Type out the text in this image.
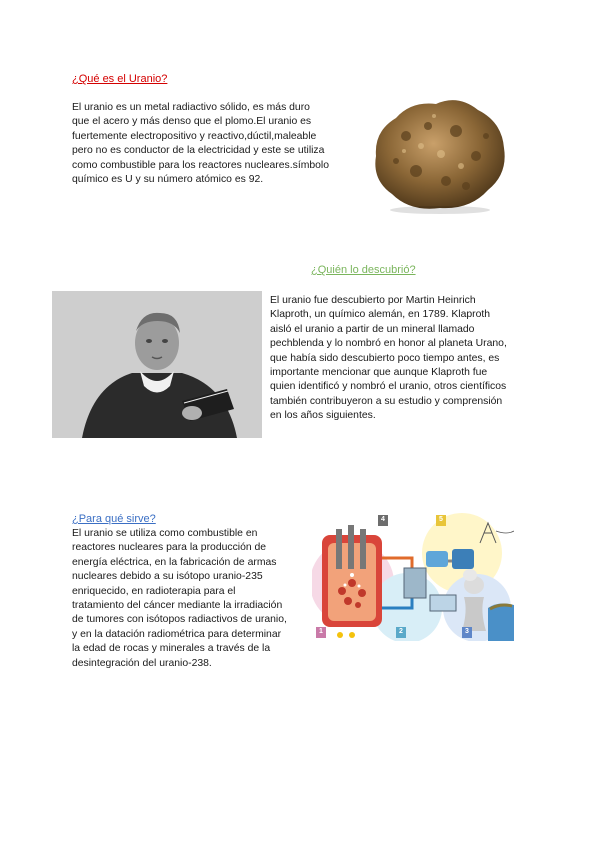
¿Qué es el Uranio?
El uranio es un metal radiactivo sólido, es más duro
que el acero y más denso que el plomo.El uranio es
fuertemente electropositivo y reactivo,dúctil,maleable
pero no es conductor de la electricidad y este se utiliza
como combustible para los reactores nucleares.símbolo
químico es U y su número atómico es 92.
¿Quién lo descubrió?
El uranio fue descubierto por Martin Heinrich
Klaproth, un químico alemán, en 1789. Klaproth
aisló el uranio a partir de un mineral llamado
pechblenda y lo nombró en honor al planeta Urano,
que había sido descubierto poco tiempo antes, es
importante mencionar que aunque Klaproth fue
quien identificó y nombró el uranio, otros científicos
también contribuyeron a su estudio y comprensión
en los años siguientes.
¿Para qué sirve?
El uranio se utiliza como combustible en
reactores nucleares para la producción de
energía eléctrica, en la fabricación de armas
nucleares debido a su isótopo uranio-235
enriquecido, en radioterapia para el
tratamiento del cáncer mediante la irradiación
de tumores con isótopos radiactivos de uranio,
y en la datación radiométrica para determinar
la edad de rocas y minerales a través de la
desintegración del uranio-238.
1	2	3
4	5
